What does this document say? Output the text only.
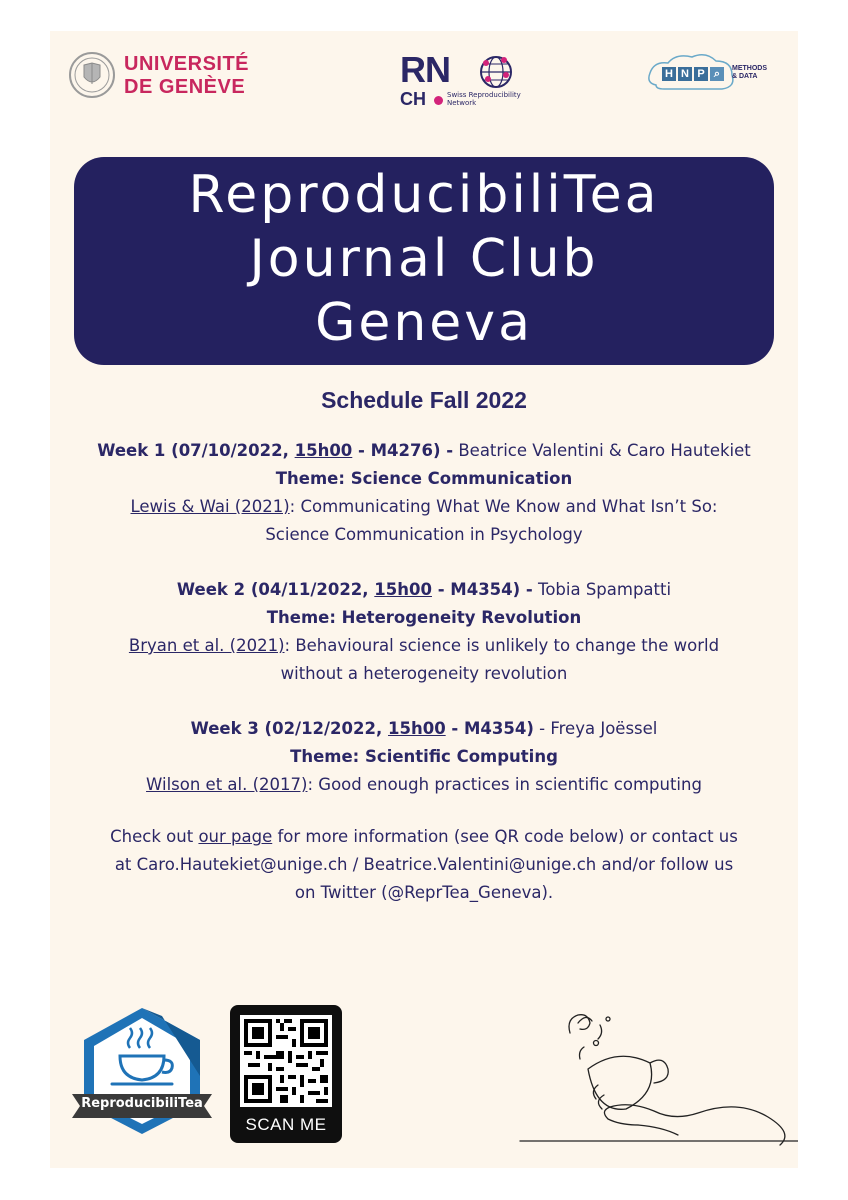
UNIVERSITÉ
DE GENÈVE	RN
CH	Swiss Reproducibility Network
H N P ⌕	METHODS
& DATA
ReproducibiliTea
Journal Club
Geneva
Schedule Fall 2022
Week 1 (07/10/2022, 15h00 - M4276) - Beatrice Valentini & Caro Hautekiet
Theme: Science Communication
Lewis & Wai (2021): Communicating What We Know and What Isn’t So:
Science Communication in Psychology
Week 2 (04/11/2022, 15h00 - M4354) - Tobia Spampatti
Theme: Heterogeneity Revolution
Bryan et al. (2021): Behavioural science is unlikely to change the world
without a heterogeneity revolution
Week 3 (02/12/2022, 15h00 - M4354) - Freya Joëssel
Theme: Scientific Computing
Wilson et al. (2017): Good enough practices in scientific computing
Check out our page for more information (see QR code below) or contact us
at Caro.Hautekiet@unige.ch / Beatrice.Valentini@unige.ch and/or follow us
on Twitter (@ReprTea_Geneva).
ReproducibiliTea
SCAN ME
